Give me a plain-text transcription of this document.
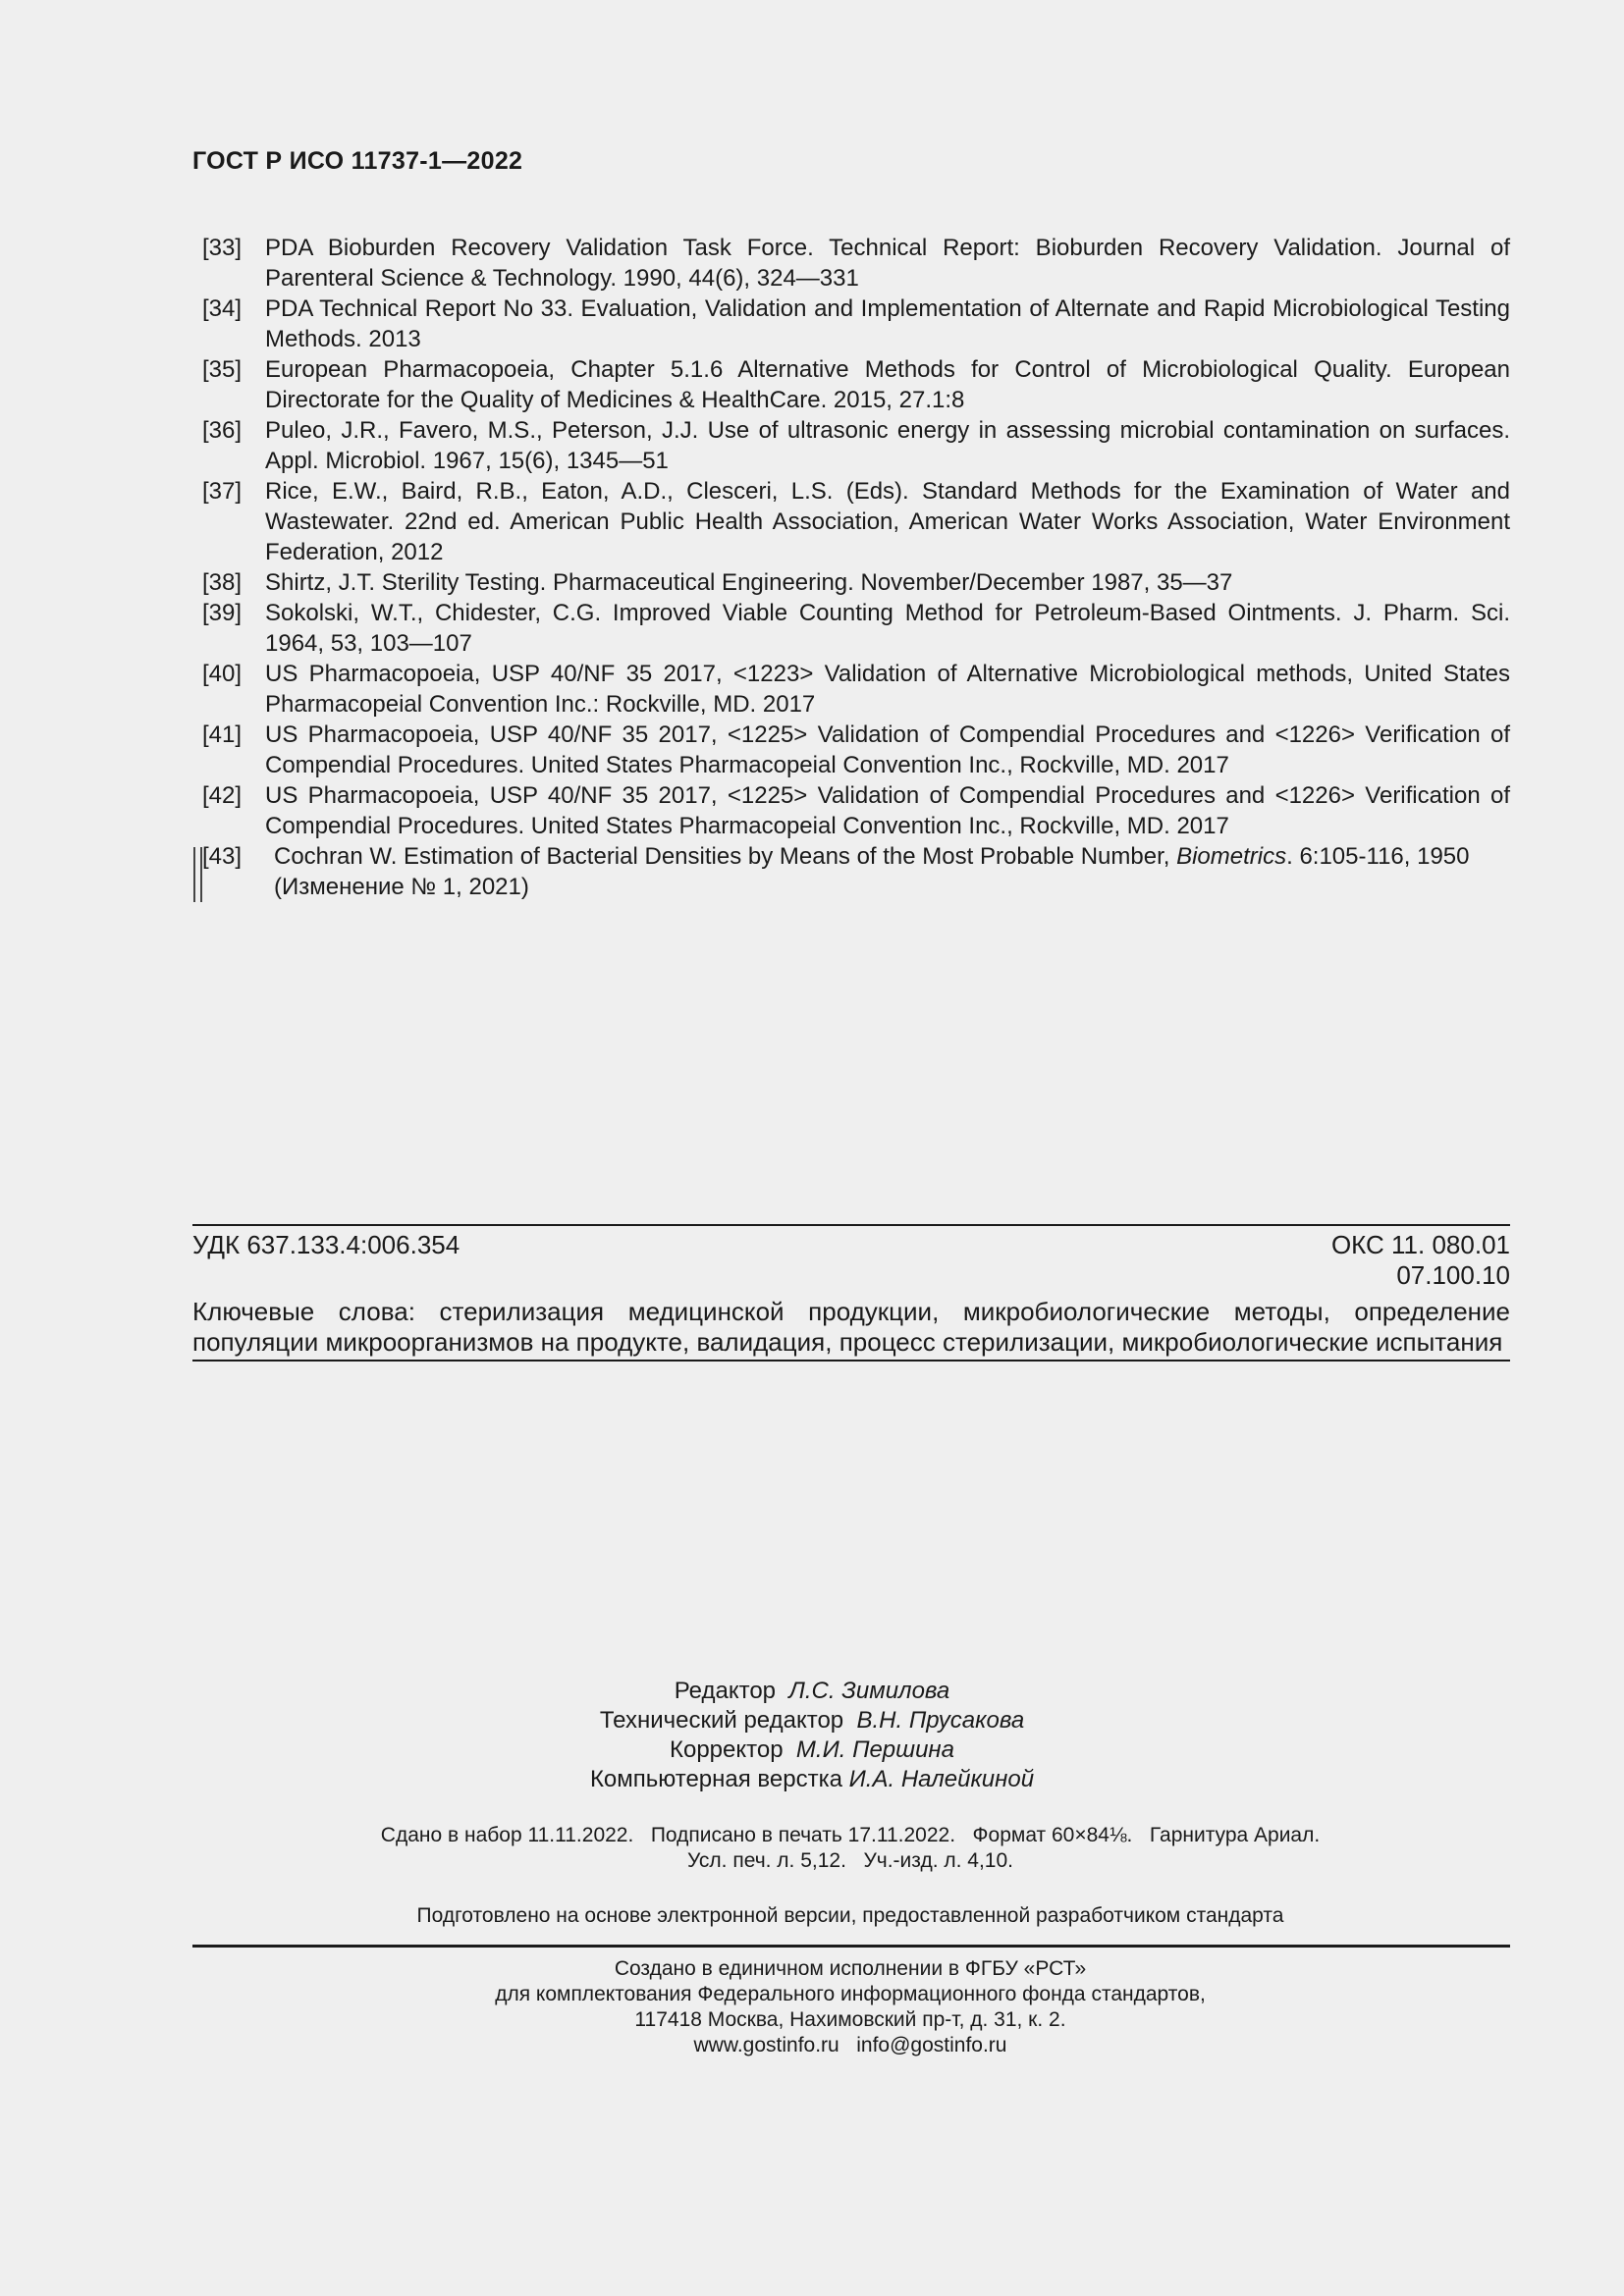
ГОСТ Р ИСО 11737-1—2022
[33] PDA Bioburden Recovery Validation Task Force. Technical Report: Bioburden Recovery Validation. Journal of Parenteral Science & Technology. 1990, 44(6), 324—331
[34] PDA Technical Report No 33. Evaluation, Validation and Implementation of Alternate and Rapid Microbiological Testing Methods. 2013
[35] European Pharmacopoeia, Chapter 5.1.6 Alternative Methods for Control of Microbiological Quality. European Directorate for the Quality of Medicines & HealthCare. 2015, 27.1:8
[36] Puleo, J.R., Favero, M.S., Peterson, J.J. Use of ultrasonic energy in assessing microbial contamination on surfaces. Appl. Microbiol. 1967, 15(6), 1345—51
[37] Rice, E.W., Baird, R.B., Eaton, A.D., Clesceri, L.S. (Eds). Standard Methods for the Examination of Water and Wastewater. 22nd ed. American Public Health Association, American Water Works Association, Water Environment Federation, 2012
[38] Shirtz, J.T. Sterility Testing. Pharmaceutical Engineering. November/December 1987, 35—37
[39] Sokolski, W.T., Chidester, C.G. Improved Viable Counting Method for Petroleum-Based Ointments. J. Pharm. Sci. 1964, 53, 103—107
[40] US Pharmacopoeia, USP 40/NF 35 2017, <1223> Validation of Alternative Microbiological methods, United States Pharmacopeial Convention Inc.: Rockville, MD. 2017
[41] US Pharmacopoeia, USP 40/NF 35 2017, <1225> Validation of Compendial Procedures and <1226> Verification of Compendial Procedures. United States Pharmacopeial Convention Inc., Rockville, MD. 2017
[42] US Pharmacopoeia, USP 40/NF 35 2017, <1225> Validation of Compendial Procedures and <1226> Verification of Compendial Procedures. United States Pharmacopeial Convention Inc., Rockville, MD. 2017
[43]	Cochran W. Estimation of Bacterial Densities by Means of the Most Probable Number, Biometrics. 6:105-116, 1950
(Изменение № 1, 2021)
УДК 637.133.4:006.354	ОКС 11. 080.01
07.100.10
Ключевые слова: стерилизация медицинской продукции, микробиологические методы, определение популяции микроорганизмов на продукте, валидация, процесс стерилизации, микробиологические испытания
Редактор Л.С. Зимилова
Технический редактор В.Н. Прусакова
Корректор М.И. Першина
Компьютерная верстка И.А. Налейкиной
Сдано в набор 11.11.2022.   Подписано в печать 17.11.2022.   Формат 60×84⅛.   Гарнитура Ариал.
Усл. печ. л. 5,12.   Уч.-изд. л. 4,10.
Подготовлено на основе электронной версии, предоставленной разработчиком стандарта
Создано в единичном исполнении в ФГБУ «РСТ»
для комплектования Федерального информационного фонда стандартов,
117418 Москва, Нахимовский пр-т, д. 31, к. 2.
www.gostinfo.ru info@gostinfo.ru
